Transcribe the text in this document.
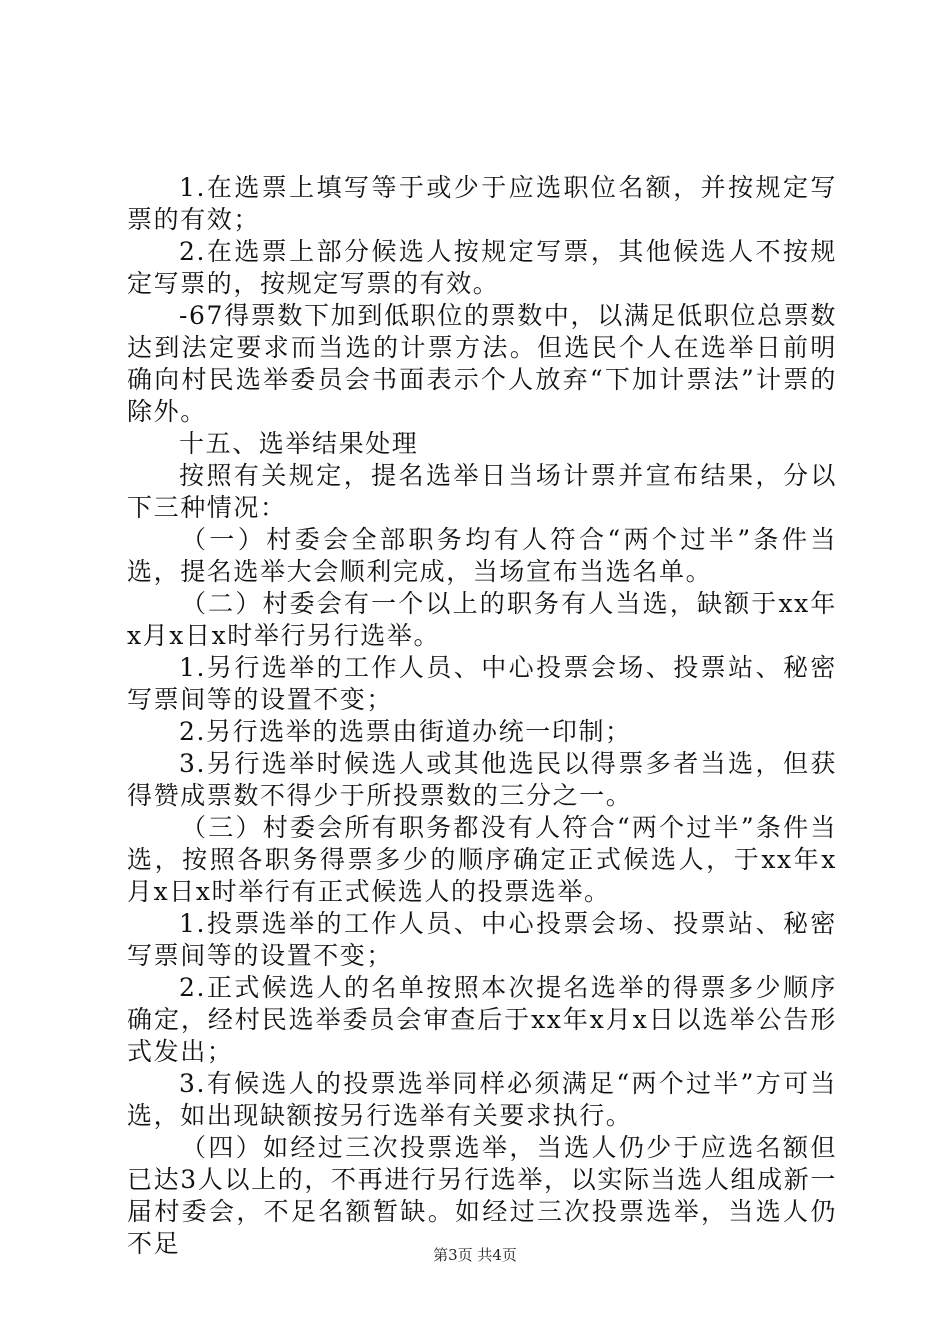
1.在选票上填写等于或少于应选职位名额，并按规定写票的有效；

2.在选票上部分候选人按规定写票，其他候选人不按规定写票的，按规定写票的有效。

-67得票数下加到低职位的票数中，以满足低职位总票数达到法定要求而当选的计票方法。但选民个人在选举日前明确向村民选举委员会书面表示个人放弃“下加计票法”计票的除外。

十五、选举结果处理

按照有关规定，提名选举日当场计票并宣布结果，分以下三种情况：

（一）村委会全部职务均有人符合“两个过半”条件当选，提名选举大会顺利完成，当场宣布当选名单。

（二）村委会有一个以上的职务有人当选，缺额于xx年x月x日x时举行另行选举。

1.另行选举的工作人员、中心投票会场、投票站、秘密写票间等的设置不变；

2.另行选举的选票由街道办统一印制；

3.另行选举时候选人或其他选民以得票多者当选，但获得赞成票数不得少于所投票数的三分之一。

（三）村委会所有职务都没有人符合“两个过半”条件当选，按照各职务得票多少的顺序确定正式候选人，于xx年x月x日x时举行有正式候选人的投票选举。

1.投票选举的工作人员、中心投票会场、投票站、秘密写票间等的设置不变；

2.正式候选人的名单按照本次提名选举的得票多少顺序确定，经村民选举委员会审查后于xx年x月x日以选举公告形式发出；

3.有候选人的投票选举同样必须满足“两个过半”方可当选，如出现缺额按另行选举有关要求执行。

（四）如经过三次投票选举，当选人仍少于应选名额但已达3人以上的，不再进行另行选举，以实际当选人组成新一届村委会，不足名额暂缺。如经过三次投票选举，当选人仍不足	第3页 共4页
